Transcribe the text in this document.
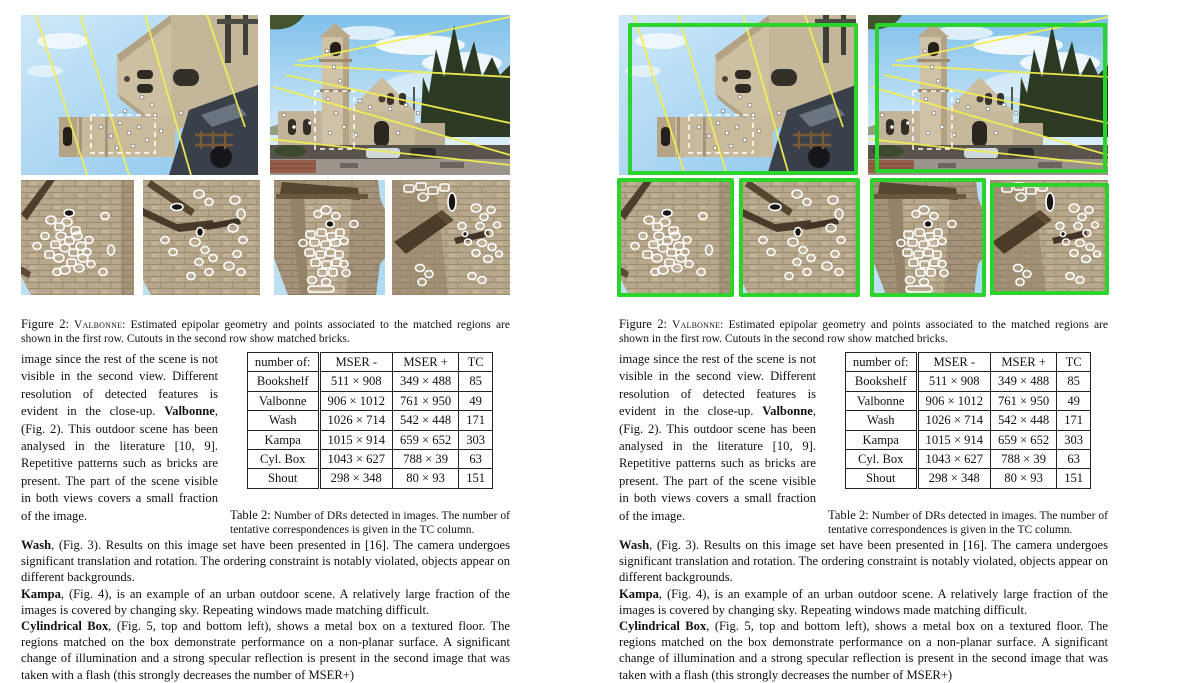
Figure 2: Valbonne: Estimated epipolar geometry and points associated to the matched regions are shown in the first row. Cutouts in the second row show matched bricks.
image since the rest of the scene is not visible in the second view. Different resolution of detected features is evident in the close-up. Valbonne, (Fig. 2). This outdoor scene has been analysed in the literature [10, 9]. Repetitive patterns such as bricks are present. The part of the scene visible in both views covers a small fraction of the image.
number of:	MSER -	MSER +	TC
Bookshelf	511 × 908	349 × 488	85
Valbonne	906 × 1012	761 × 950	49
Wash	1026 × 714	542 × 448	171
Kampa	1015 × 914	659 × 652	303
Cyl. Box	1043 × 627	788 × 39	63
Shout	298 × 348	80 × 93	151
Table 2: Number of DRs detected in images. The number of tentative correspondences is given in the TC column.

Wash, (Fig. 3). Results on this image set have been presented in [16]. The camera undergoes significant translation and rotation. The ordering constraint is notably violated, objects appear on different backgrounds.

Kampa, (Fig. 4), is an example of an urban outdoor scene. A relatively large fraction of the images is covered by changing sky. Repeating windows made matching difficult.

Cylindrical Box, (Fig. 5, top and bottom left), shows a metal box on a textured floor. The regions matched on the box demonstrate performance on a non-planar surface. A significant change of illumination and a strong specular reflection is present in the second image that was taken with a flash (this strongly decreases the number of MSER+)

Figure 2: Valbonne: Estimated epipolar geometry and points associated to the matched regions are shown in the first row. Cutouts in the second row show matched bricks.
image since the rest of the scene is not visible in the second view. Different resolution of detected features is evident in the close-up. Valbonne, (Fig. 2). This outdoor scene has been analysed in the literature [10, 9]. Repetitive patterns such as bricks are present. The part of the scene visible in both views covers a small fraction of the image.
number of:	MSER -	MSER +	TC
Bookshelf	511 × 908	349 × 488	85
Valbonne	906 × 1012	761 × 950	49
Wash	1026 × 714	542 × 448	171
Kampa	1015 × 914	659 × 652	303
Cyl. Box	1043 × 627	788 × 39	63
Shout	298 × 348	80 × 93	151
Table 2: Number of DRs detected in images. The number of tentative correspondences is given in the TC column.

Wash, (Fig. 3). Results on this image set have been presented in [16]. The camera undergoes significant translation and rotation. The ordering constraint is notably violated, objects appear on different backgrounds.

Kampa, (Fig. 4), is an example of an urban outdoor scene. A relatively large fraction of the images is covered by changing sky. Repeating windows made matching difficult.

Cylindrical Box, (Fig. 5, top and bottom left), shows a metal box on a textured floor. The regions matched on the box demonstrate performance on a non-planar surface. A significant change of illumination and a strong specular reflection is present in the second image that was taken with a flash (this strongly decreases the number of MSER+)
